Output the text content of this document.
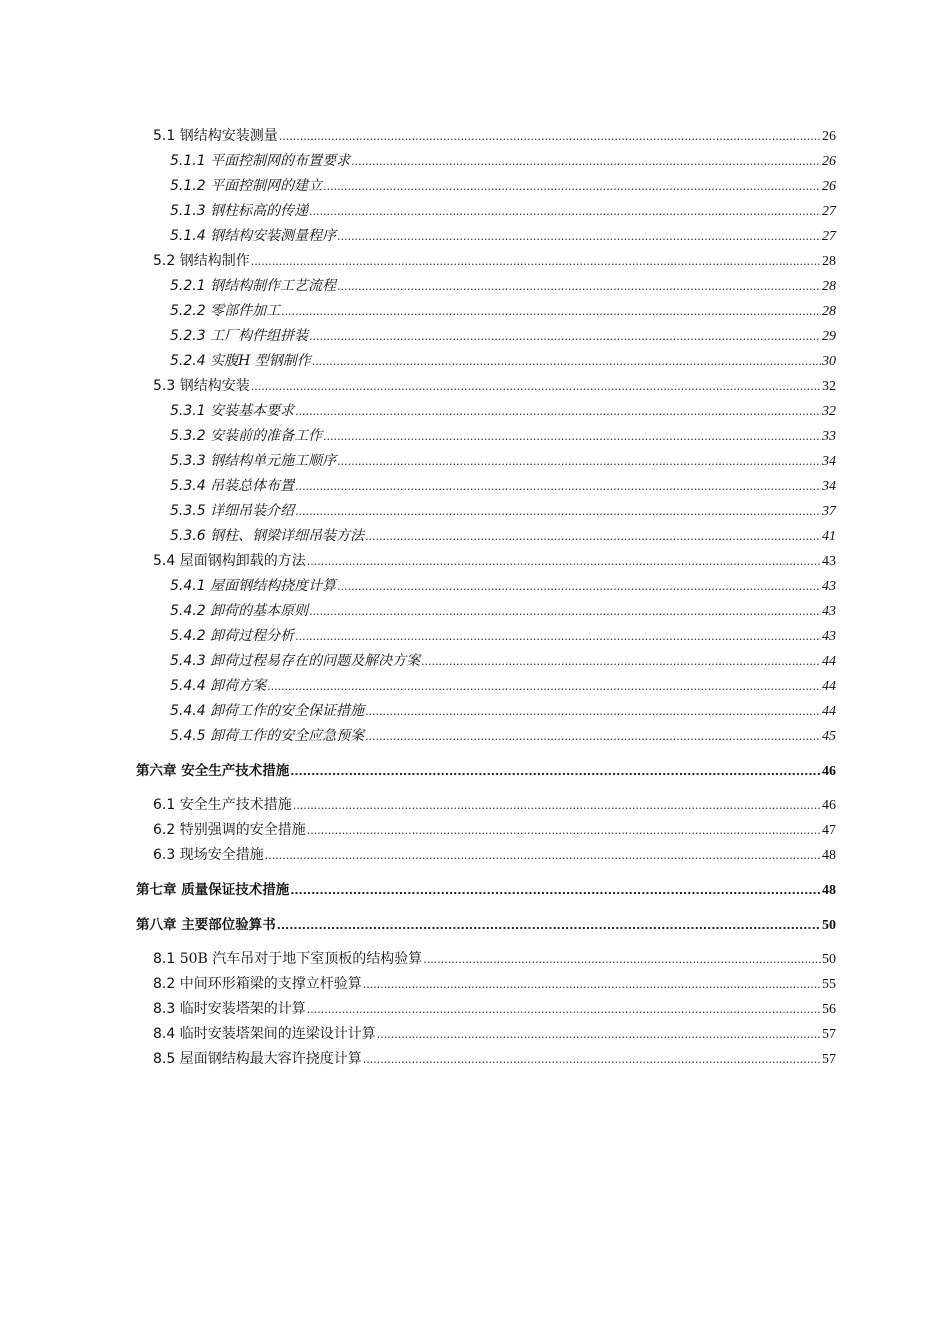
5.1 钢结构安装测量 .....	26
5.1.1 平面控制网的布置要求 .....	26
5.1.2 平面控制网的建立 .....	26
5.1.3 钢柱标高的传递 .....	27
5.1.4 钢结构安装测量程序 .....	27
5.2 钢结构制作 .....	28
5.2.1 钢结构制作工艺流程 .....	28
5.2.2 零部件加工 .....	28
5.2.3 工厂构件组拼装 .....	29
5.2.4 实腹H 型钢制作 .....	30
5.3 钢结构安装 .....	32
5.3.1 安装基本要求 .....	32
5.3.2 安装前的准备工作 .....	33
5.3.3 钢结构单元施工顺序 .....	34
5.3.4 吊装总体布置 .....	34
5.3.5 详细吊装介绍 .....	37
5.3.6 钢柱、钢梁详细吊装方法 .....	41
5.4 屋面钢构卸载的方法 .....	43
5.4.1 屋面钢结构挠度计算 .....	43
5.4.2 卸荷的基本原则 .....	43
5.4.2 卸荷过程分析 .....	43
5.4.3 卸荷过程易存在的问题及解决方案 .....	44
5.4.4 卸荷方案 .....	44
5.4.4 卸荷工作的安全保证措施 .....	44
5.4.5 卸荷工作的安全应急预案 .....	45
第六章 安全生产技术措施 .....	46
6.1 安全生产技术措施 .....	46
6.2 特别强调的安全措施 .....	47
6.3 现场安全措施 .....	48
第七章 质量保证技术措施 .....	48
第八章 主要部位验算书 .....	50
8.1 50B 汽车吊对于地下室顶板的结构验算 .....	50
8.2 中间环形箱梁的支撑立杆验算 .....	55
8.3 临时安装塔架的计算 .....	56
8.4 临时安装塔架间的连梁设计计算 .....	57
8.5 屋面钢结构最大容许挠度计算 .....	57
